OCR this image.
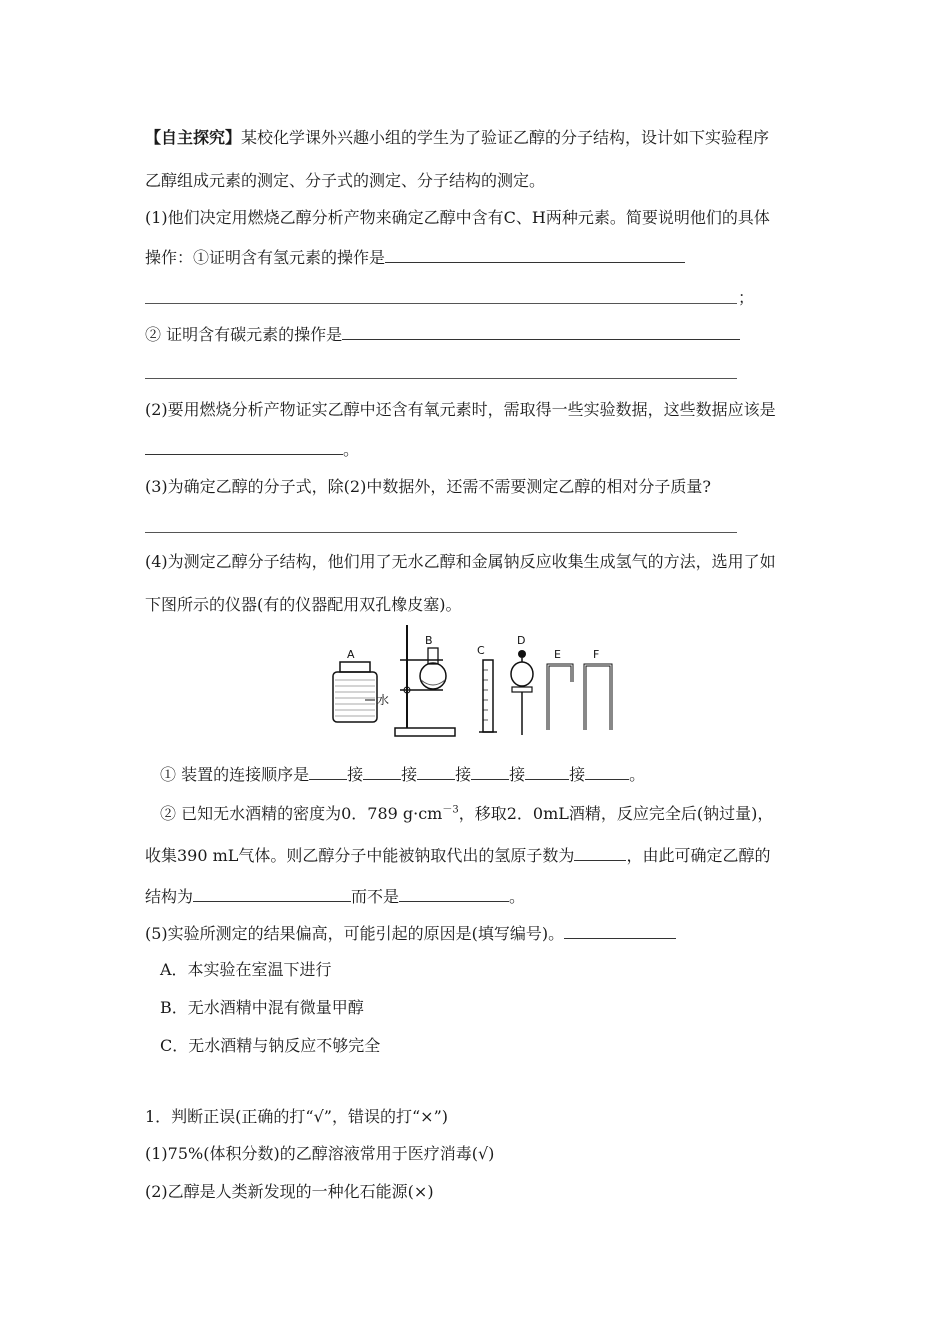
【自主探究】某校化学课外兴趣小组的学生为了验证乙醇的分子结构，设计如下实验程序
乙醇组成元素的测定、分子式的测定、分子结构的测定。
(1)他们决定用燃烧乙醇分析产物来确定乙醇中含有C、H两种元素。简要说明他们的具体
操作：①证明含有氢元素的操作是
；
② 证明含有碳元素的操作是
(2)要用燃烧分析产物证实乙醇中还含有氧元素时，需取得一些实验数据，这些数据应该是
。
(3)为确定乙醇的分子式，除(2)中数据外，还需不需要测定乙醇的相对分子质量?
(4)为测定乙醇分子结构，他们用了无水乙醇和金属钠反应收集生成氢气的方法，选用了如
下图所示的仪器(有的仪器配用双孔橡皮塞)。
A
水
B
C
D
E	F
① 装置的连接顺序是 接 接 接 接	接	。
② 已知无水酒精的密度为0．789 $g\cdot cm^{-3}$，移取2．0mL酒精，反应完全后(钠过量)，
收集390 mL气体。则乙醇分子中能被钠取代出的氢原子数为	，由此可确定乙醇的
结构为	而不是	。
(5)实验所测定的结果偏高，可能引起的原因是(填写编号)。
A．本实验在室温下进行
B．无水酒精中混有微量甲醇
C．无水酒精与钠反应不够完全
1．判断正误(正确的打“√”，错误的打“×”)
(1)75%(体积分数)的乙醇溶液常用于医疗消毒(√)
(2)乙醇是人类新发现的一种化石能源(×)
